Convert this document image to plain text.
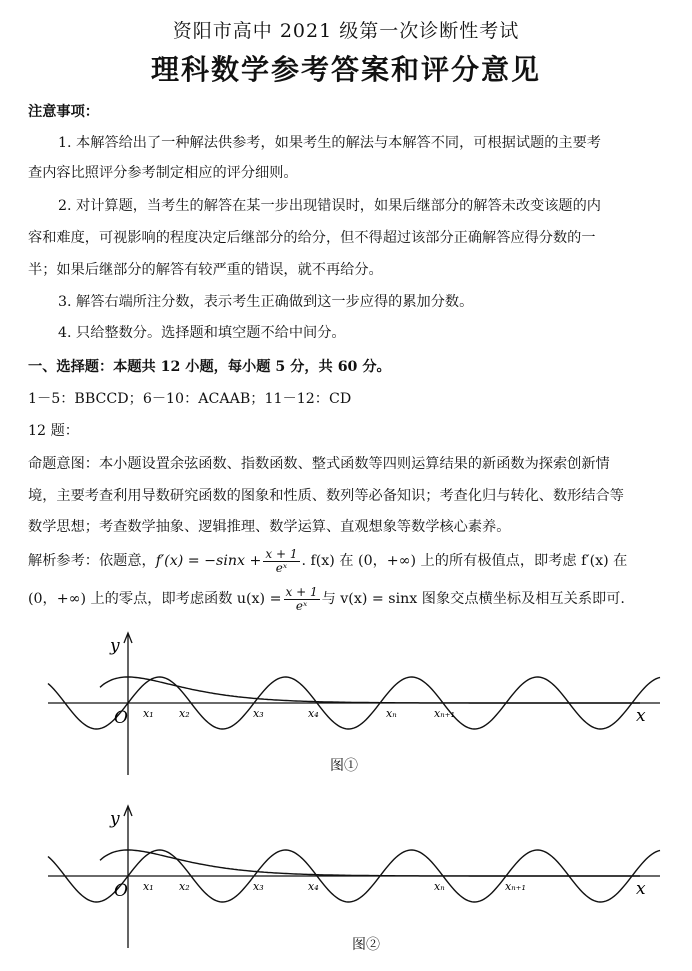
资阳市高中 2021 级第一次诊断性考试
理科数学参考答案和评分意见
注意事项：
1. 本解答给出了一种解法供参考，如果考生的解法与本解答不同，可根据试题的主要考
查内容比照评分参考制定相应的评分细则。
2. 对计算题，当考生的解答在某一步出现错误时，如果后继部分的解答未改变该题的内
容和难度，可视影响的程度决定后继部分的给分，但不得超过该部分正确解答应得分数的一
半；如果后继部分的解答有较严重的错误，就不再给分。
3. 解答右端所注分数，表示考生正确做到这一步应得的累加分数。
4. 只给整数分。选择题和填空题不给中间分。
一、选择题：本题共 12 小题，每小题 5 分，共 60 分。
1－5：BBCCD；6－10：ACAAB；11－12：CD
12 题：
命题意图：本小题设置余弦函数、指数函数、整式函数等四则运算结果的新函数为探索创新情
境，主要考查利用导数研究函数的图象和性质、数列等必备知识；考查化归与转化、数形结合等
数学思想；考查数学抽象、逻辑推理、数学运算、直观想象等数学核心素养。
解析参考：依题意，$f'(x) = -\sin x + \frac{x + 1}{\text{eˣ}}$ . f(x) 在 (0，+∞) 上的所有极值点，即考虑 f′(x) 在
(0，+∞) 上的零点，即考虑函数 $u(x) = \frac{x + 1}{\text{eˣ}}$ 与 v(x) = sinx 图象交点横坐标及相互关系即可.
y
x
O x₁ x₂	x₃	x₄	xₙ	xₙ₊₁
图①
y
x
O x₁ x₂	x₃	x₄	xₙ	xₙ₊₁
图②
